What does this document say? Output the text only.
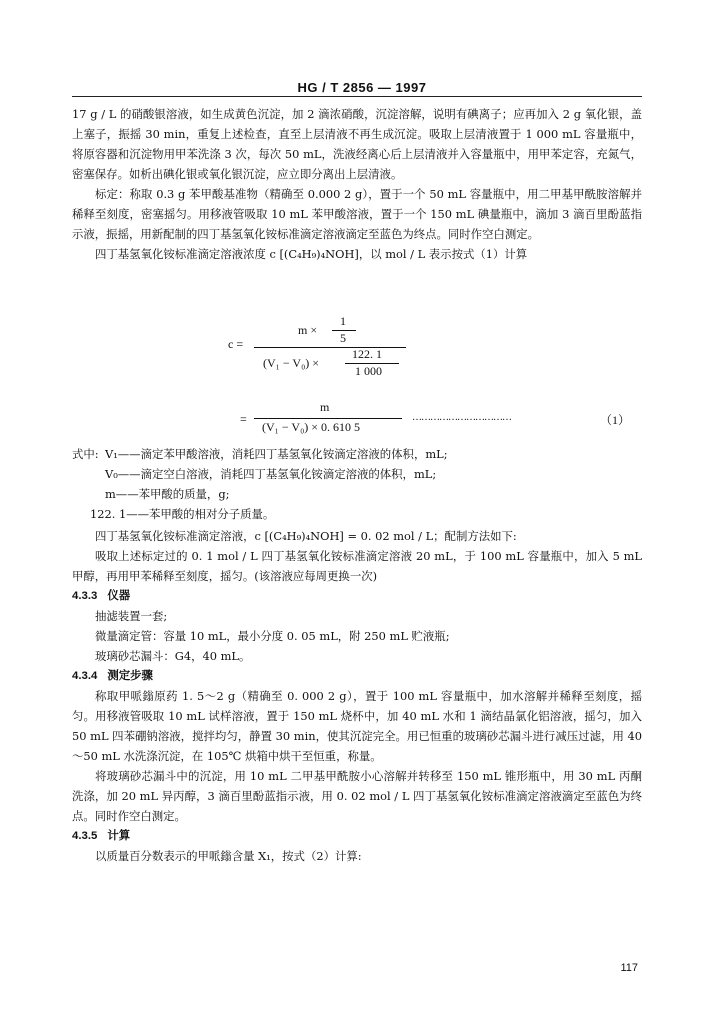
HG / T 2856 — 1997

17 g / L 的硝酸银溶液，如生成黄色沉淀，加 2 滴浓硝酸，沉淀溶解，说明有碘离子；应再加入 2 g 氧化银，盖上塞子，振摇 30 min，重复上述检查，直至上层清液不再生成沉淀。吸取上层清液置于 1 000 mL 容量瓶中，将原容器和沉淀物用甲苯洗涤 3 次，每次 50 mL，洗液经离心后上层清液并入容量瓶中，用甲苯定容，充氮气，密塞保存。如析出碘化银或氧化银沉淀，应立即分离出上层清液。

标定：称取 0.3 g 苯甲酸基准物（精确至 0.000 2 g），置于一个 50 mL 容量瓶中，用二甲基甲酰胺溶解并稀释至刻度，密塞摇匀。用移液管吸取 10 mL 苯甲酸溶液，置于一个 150 mL 碘量瓶中，滴加 3 滴百里酚蓝指示液，振摇，用新配制的四丁基氢氧化铵标准滴定溶液滴定至蓝色为终点。同时作空白测定。

四丁基氢氧化铵标准滴定溶液浓度 c [(C₄H₉)₄NOH]，以 mol / L 表示按式（1）计算

c =
m ×
1
5
(V₁ − V₀) ×
122. 1
1 000
=
m
(V₁ − V₀) × 0. 610 5
……………………………	（1）

式中: V₁——滴定苯甲酸溶液，消耗四丁基氢氧化铵滴定溶液的体积，mL;

V₀——滴定空白溶液，消耗四丁基氢氧化铵滴定溶液的体积，mL;

m——苯甲酸的质量，g;

122. 1——苯甲酸的相对分子质量。

四丁基氢氧化铵标准滴定溶液，c [(C₄H₉)₄NOH] = 0. 02 mol / L；配制方法如下:

吸取上述标定过的 0. 1 mol / L 四丁基氢氧化铵标准滴定溶液 20 mL，于 100 mL 容量瓶中，加入 5 mL 甲醇，再用甲苯稀释至刻度，摇匀。(该溶液应每周更换一次)

4.3.3 仪器

抽滤装置一套;

微量滴定管：容量 10 mL，最小分度 0. 05 mL，附 250 mL 贮液瓶;

玻璃砂芯漏斗：G4，40 mL。

4.3.4 测定步骤

称取甲哌鎓原药 1. 5～2 g（精确至 0. 000 2 g），置于 100 mL 容量瓶中，加水溶解并稀释至刻度，摇匀。用移液管吸取 10 mL 试样溶液，置于 150 mL 烧杯中，加 40 mL 水和 1 滴结晶氯化铝溶液，摇匀，加入 50 mL 四苯硼钠溶液，搅拌均匀，静置 30 min，使其沉淀完全。用已恒重的玻璃砂芯漏斗进行减压过滤，用 40～50 mL 水洗涤沉淀，在 105℃ 烘箱中烘干至恒重，称量。

将玻璃砂芯漏斗中的沉淀，用 10 mL 二甲基甲酰胺小心溶解并转移至 150 mL 锥形瓶中，用 30 mL 丙酮洗涤，加 20 mL 异丙醇，3 滴百里酚蓝指示液，用 0. 02 mol / L 四丁基氢氧化铵标准滴定溶液滴定至蓝色为终点。同时作空白测定。

4.3.5 计算

以质量百分数表示的甲哌鎓含量 X₁，按式（2）计算:

117
